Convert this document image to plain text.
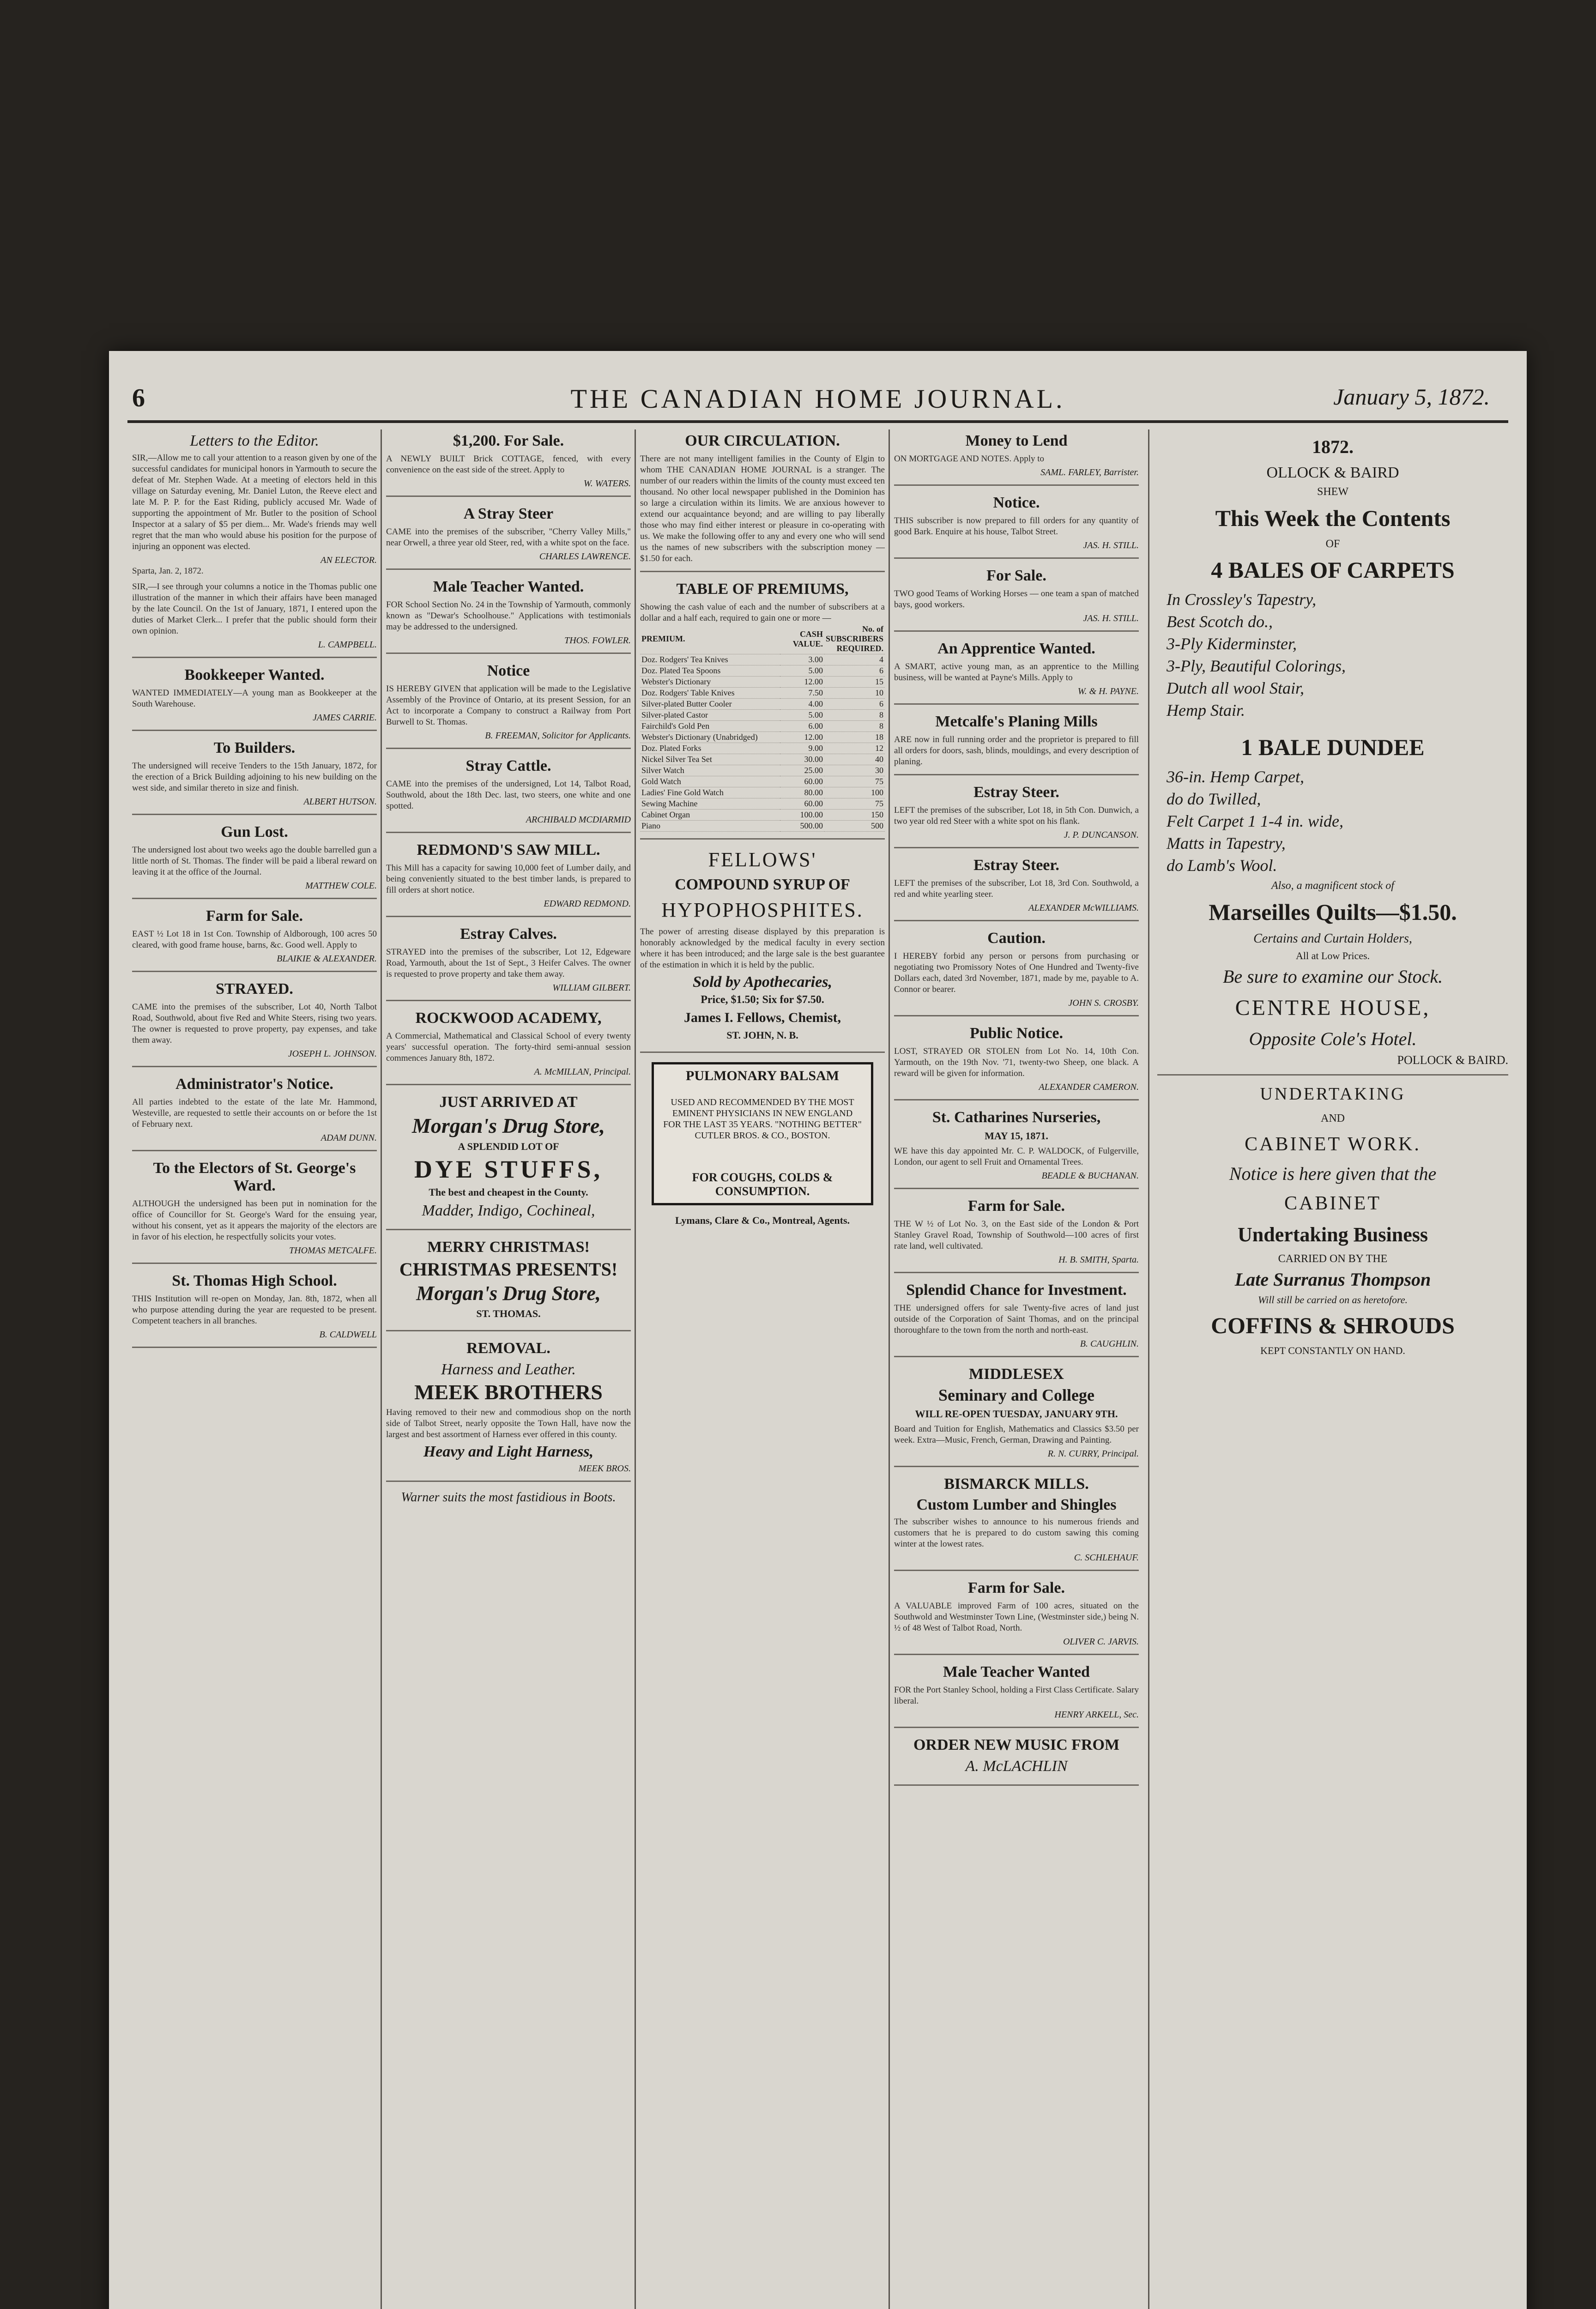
6	THE CANADIAN HOME JOURNAL.	January 5, 1872.
Letters to the Editor.
SIR,—Allow me to call your attention to a reason given by one of the successful candidates for municipal honors in Yarmouth to secure the defeat of Mr. Stephen Wade. At a meeting of electors held in this village on Saturday evening, Mr. Daniel Luton, the Reeve elect and late M. P. P. for the East Riding, publicly accused Mr. Wade of supporting the appointment of Mr. Butler to the position of School Inspector at a salary of $5 per diem... Mr. Wade's friends may well regret that the man who would abuse his position for the purpose of injuring an opponent was elected.
AN ELECTOR.
Sparta, Jan. 2, 1872.
SIR,—I see through your columns a notice in the Thomas public one illustration of the manner in which their affairs have been managed by the late Council. On the 1st of January, 1871, I entered upon the duties of Market Clerk... I prefer that the public should form their own opinion.
L. CAMPBELL.
Bookkeeper Wanted.
WANTED IMMEDIATELY—A young man as Bookkeeper at the South Warehouse.
JAMES CARRIE.
To Builders.
The undersigned will receive Tenders to the 15th January, 1872, for the erection of a Brick Building adjoining to his new building on the west side, and similar thereto in size and finish.
ALBERT HUTSON.
Gun Lost.
The undersigned lost about two weeks ago the double barrelled gun a little north of St. Thomas. The finder will be paid a liberal reward on leaving it at the office of the Journal.
MATTHEW COLE.
Farm for Sale.
EAST ½ Lot 18 in 1st Con. Township of Aldborough, 100 acres 50 cleared, with good frame house, barns, &c. Good well. Apply to
BLAIKIE & ALEXANDER.
STRAYED.
CAME into the premises of the subscriber, Lot 40, North Talbot Road, Southwold, about five Red and White Steers, rising two years. The owner is requested to prove property, pay expenses, and take them away.
JOSEPH L. JOHNSON.
Administrator's Notice.
All parties indebted to the estate of the late Mr. Hammond, Westeville, are requested to settle their accounts on or before the 1st of February next.
ADAM DUNN.
To the Electors of St. George's Ward.
ALTHOUGH the undersigned has been put in nomination for the office of Councillor for St. George's Ward for the ensuing year, without his consent, yet as it appears the majority of the electors are in favor of his election, he respectfully solicits your votes.
THOMAS METCALFE.
St. Thomas High School.
THIS Institution will re-open on Monday, Jan. 8th, 1872, when all who purpose attending during the year are requested to be present. Competent teachers in all branches.
B. CALDWELL
$1,200. For Sale.
A NEWLY BUILT Brick COTTAGE, fenced, with every convenience on the east side of the street. Apply to
W. WATERS.
A Stray Steer
CAME into the premises of the subscriber, "Cherry Valley Mills," near Orwell, a three year old Steer, red, with a white spot on the face.
CHARLES LAWRENCE.
Male Teacher Wanted.
FOR School Section No. 24 in the Township of Yarmouth, commonly known as "Dewar's Schoolhouse." Applications with testimonials may be addressed to the undersigned.
THOS. FOWLER.
Notice
IS HEREBY GIVEN that application will be made to the Legislative Assembly of the Province of Ontario, at its present Session, for an Act to incorporate a Company to construct a Railway from Port Burwell to St. Thomas.
B. FREEMAN, Solicitor for Applicants.
Stray Cattle.
CAME into the premises of the undersigned, Lot 14, Talbot Road, Southwold, about the 18th Dec. last, two steers, one white and one spotted.
ARCHIBALD MCDIARMID
REDMOND'S SAW MILL.
This Mill has a capacity for sawing 10,000 feet of Lumber daily, and being conveniently situated to the best timber lands, is prepared to fill orders at short notice.
EDWARD REDMOND.
Estray Calves.
STRAYED into the premises of the subscriber, Lot 12, Edgeware Road, Yarmouth, about the 1st of Sept., 3 Heifer Calves. The owner is requested to prove property and take them away.
WILLIAM GILBERT.
ROCKWOOD ACADEMY,
A Commercial, Mathematical and Classical School of every twenty years' successful operation. The forty-third semi-annual session commences January 8th, 1872.
A. McMILLAN, Principal.
JUST ARRIVED AT
Morgan's Drug Store,
A SPLENDID LOT OF
DYE STUFFS,
The best and cheapest in the County.
Madder, Indigo, Cochineal,
MERRY CHRISTMAS!
CHRISTMAS PRESENTS!
Morgan's Drug Store,
ST. THOMAS.
REMOVAL.
Harness and Leather.
MEEK BROTHERS
Having removed to their new and commodious shop on the north side of Talbot Street, nearly opposite the Town Hall, have now the largest and best assortment of Harness ever offered in this county.
Heavy and Light Harness,
MEEK BROS.
Warner suits the most fastidious in Boots.
OUR CIRCULATION.
There are not many intelligent families in the County of Elgin to whom THE CANADIAN HOME JOURNAL is a stranger. The number of our readers within the limits of the county must exceed ten thousand. No other local newspaper published in the Dominion has so large a circulation within its limits. We are anxious however to extend our acquaintance beyond; and are willing to pay liberally those who may find either interest or pleasure in co-operating with us. We make the following offer to any and every one who will send us the names of new subscribers with the subscription money — $1.50 for each.
TABLE OF PREMIUMS,
Showing the cash value of each and the number of subscribers at a dollar and a half each, required to gain one or more —
PREMIUM.	CASH VALUE.	No. of SUBSCRIBERS REQUIRED.
Doz. Rodgers' Tea Knives	3.00	4
Doz. Plated Tea Spoons	5.00	6
Webster's Dictionary	12.00	15
Doz. Rodgers' Table Knives	7.50	10
Silver-plated Butter Cooler	4.00	6
Silver-plated Castor	5.00	8
Fairchild's Gold Pen	6.00	8
Webster's Dictionary (Unabridged)	12.00	18
Doz. Plated Forks	9.00	12
Nickel Silver Tea Set	30.00	40
Silver Watch	25.00	30
Gold Watch	60.00	75
Ladies' Fine Gold Watch	80.00	100
Sewing Machine	60.00	75
Cabinet Organ	100.00	150
Piano	500.00	500
FELLOWS'
COMPOUND SYRUP OF
HYPOPHOSPHITES.
The power of arresting disease displayed by this preparation is honorably acknowledged by the medical faculty in every section where it has been introduced; and the large sale is the best guarantee of the estimation in which it is held by the public.
Sold by Apothecaries,
Price, $1.50; Six for $7.50.
James I. Fellows, Chemist,
ST. JOHN, N. B.
PULMONARY BALSAM
USED AND RECOMMENDED BY THE MOST EMINENT PHYSICIANS IN NEW ENGLAND FOR THE LAST 35 YEARS. "NOTHING BETTER" CUTLER BROS. & CO., BOSTON.
FOR COUGHS, COLDS & CONSUMPTION.
Lymans, Clare & Co., Montreal, Agents.
Money to Lend
ON MORTGAGE AND NOTES. Apply to
SAML. FARLEY, Barrister.
Notice.
THIS subscriber is now prepared to fill orders for any quantity of good Bark. Enquire at his house, Talbot Street.
JAS. H. STILL.
For Sale.
TWO good Teams of Working Horses — one team a span of matched bays, good workers.
JAS. H. STILL.
An Apprentice Wanted.
A SMART, active young man, as an apprentice to the Milling business, will be wanted at Payne's Mills. Apply to
W. & H. PAYNE.
Metcalfe's Planing Mills
ARE now in full running order and the proprietor is prepared to fill all orders for doors, sash, blinds, mouldings, and every description of planing.
Estray Steer.
LEFT the premises of the subscriber, Lot 18, in 5th Con. Dunwich, a two year old red Steer with a white spot on his flank.
J. P. DUNCANSON.
Estray Steer.
LEFT the premises of the subscriber, Lot 18, 3rd Con. Southwold, a red and white yearling steer.
ALEXANDER McWILLIAMS.
Caution.
I HEREBY forbid any person or persons from purchasing or negotiating two Promissory Notes of One Hundred and Twenty-five Dollars each, dated 3rd November, 1871, made by me, payable to A. Connor or bearer.
JOHN S. CROSBY.
Public Notice.
LOST, STRAYED OR STOLEN from Lot No. 14, 10th Con. Yarmouth, on the 19th Nov. '71, twenty-two Sheep, one black. A reward will be given for information.
ALEXANDER CAMERON.
St. Catharines Nurseries,
MAY 15, 1871.
WE have this day appointed Mr. C. P. WALDOCK, of Fulgerville, London, our agent to sell Fruit and Ornamental Trees.
BEADLE & BUCHANAN.
Farm for Sale.
THE W ½ of Lot No. 3, on the East side of the London & Port Stanley Gravel Road, Township of Southwold—100 acres of first rate land, well cultivated.
H. B. SMITH, Sparta.
Splendid Chance for Investment.
THE undersigned offers for sale Twenty-five acres of land just outside of the Corporation of Saint Thomas, and on the principal thoroughfare to the town from the north and north-east.
B. CAUGHLIN.
MIDDLESEX
Seminary and College
WILL RE-OPEN TUESDAY, JANUARY 9TH.
Board and Tuition for English, Mathematics and Classics $3.50 per week. Extra—Music, French, German, Drawing and Painting.
R. N. CURRY, Principal.
BISMARCK MILLS.
Custom Lumber and Shingles
The subscriber wishes to announce to his numerous friends and customers that he is prepared to do custom sawing this coming winter at the lowest rates.
C. SCHLEHAUF.
Farm for Sale.
A VALUABLE improved Farm of 100 acres, situated on the Southwold and Westminster Town Line, (Westminster side,) being N. ½ of 48 West of Talbot Road, North.
OLIVER C. JARVIS.
Male Teacher Wanted
FOR the Port Stanley School, holding a First Class Certificate. Salary liberal.
HENRY ARKELL, Sec.
ORDER NEW MUSIC FROM
A. McLACHLIN
1872.
OLLOCK & BAIRD
SHEW
This Week the Contents
OF
4 BALES OF CARPETS
In Crossley's Tapestry,
Best Scotch do.,
3-Ply Kiderminster,
3-Ply, Beautiful Colorings,
Dutch all wool Stair,
Hemp Stair.
1 BALE DUNDEE
36-in. Hemp Carpet,
do do Twilled,
Felt Carpet 1 1-4 in. wide,
Matts in Tapestry,
do Lamb's Wool.
Also, a magnificent stock of
Marseilles Quilts—$1.50.
Certains and Curtain Holders,
All at Low Prices.
Be sure to examine our Stock.
CENTRE HOUSE,
Opposite Cole's Hotel.
POLLOCK & BAIRD.
UNDERTAKING
AND
CABINET WORK.
Notice is here given that the
CABINET
Undertaking Business
CARRIED ON BY THE
Late Surranus Thompson
Will still be carried on as heretofore.
COFFINS & SHROUDS
KEPT CONSTANTLY ON HAND.
